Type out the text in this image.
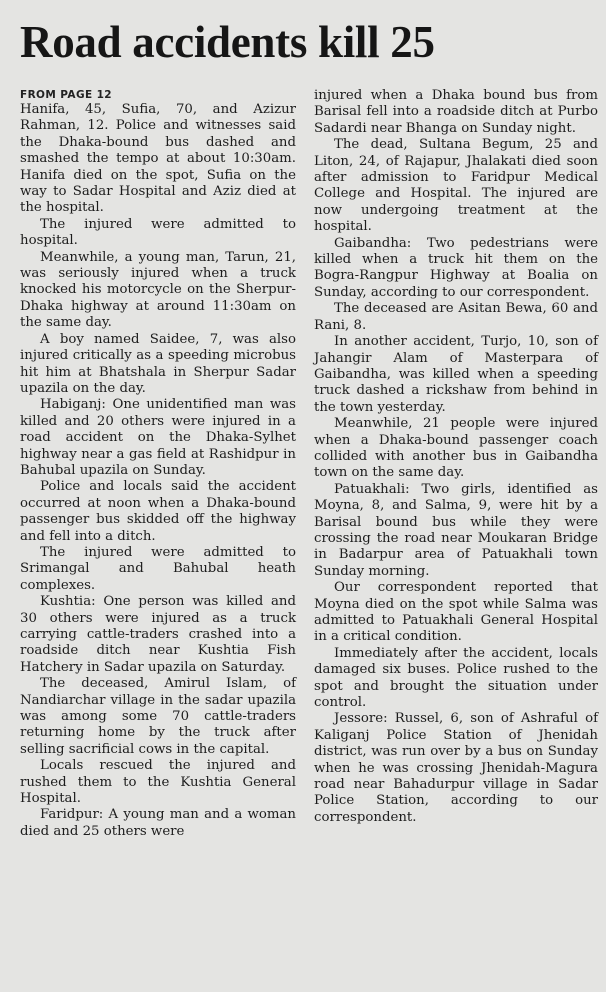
Road accidents kill 25

FROM PAGE 12

Hanifa, 45, Sufia, 70, and Azizur Rahman, 12. Police and witnesses said the Dhaka-bound bus dashed and smashed the tempo at about 10:30am. Hanifa died on the spot, Sufia on the way to Sadar Hospital and Aziz died at the hospital.

The injured were admitted to hospital.

Meanwhile, a young man, Tarun, 21, was seriously injured when a truck knocked his motorcycle on the Sherpur-Dhaka highway at around 11:30am on the same day.

A boy named Saidee, 7, was also injured critically as a speeding microbus hit him at Bhatshala in Sherpur Sadar upazila on the day.

Habiganj: One unidentified man was killed and 20 others were injured in a road accident on the Dhaka-Sylhet highway near a gas field at Rashidpur in Bahubal upazila on Sunday.

Police and locals said the accident occurred at noon when a Dhaka-bound passenger bus skidded off the highway and fell into a ditch.

The injured were admitted to Srimangal and Bahubal heath complexes.

Kushtia: One person was killed and 30 others were injured as a truck carrying cattle-traders crashed into a roadside ditch near Kushtia Fish Hatchery in Sadar upazila on Saturday.

The deceased, Amirul Islam, of Nandiarchar village in the sadar upazila was among some 70 cattle-traders returning home by the truck after selling sacrificial cows in the capital.

Locals rescued the injured and rushed them to the Kushtia General Hospital.

Faridpur: A young man and a woman died and 25 others were

injured when a Dhaka bound bus from Barisal fell into a roadside ditch at Purbo Sadardi near Bhanga on Sunday night.

The dead, Sultana Begum, 25 and Liton, 24, of Rajapur, Jhalakati died soon after admission to Faridpur Medical College and Hospital. The injured are now undergoing treatment at the hospital.

Gaibandha: Two pedestrians were killed when a truck hit them on the Bogra-Rangpur Highway at Boalia on Sunday, according to our correspondent.

The deceased are Asitan Bewa, 60 and Rani, 8.

In another accident, Turjo, 10, son of Jahangir Alam of Masterpara of Gaibandha, was killed when a speeding truck dashed a rickshaw from behind in the town yesterday.

Meanwhile, 21 people were injured when a Dhaka-bound passenger coach collided with another bus in Gaibandha town on the same day.

Patuakhali: Two girls, identified as Moyna, 8, and Salma, 9, were hit by a Barisal bound bus while they were crossing the road near Moukaran Bridge in Badarpur area of Patuakhali town Sunday morning.

Our correspondent reported that Moyna died on the spot while Salma was admitted to Patuakhali General Hospital in a critical condition.

Immediately after the accident, locals damaged six buses. Police rushed to the spot and brought the situation under control.

Jessore: Russel, 6, son of Ashraful of Kaliganj Police Station of Jhenidah district, was run over by a bus on Sunday when he was crossing Jhenidah-Magura road near Bahadurpur village in Sadar Police Station, according to our correspondent.
